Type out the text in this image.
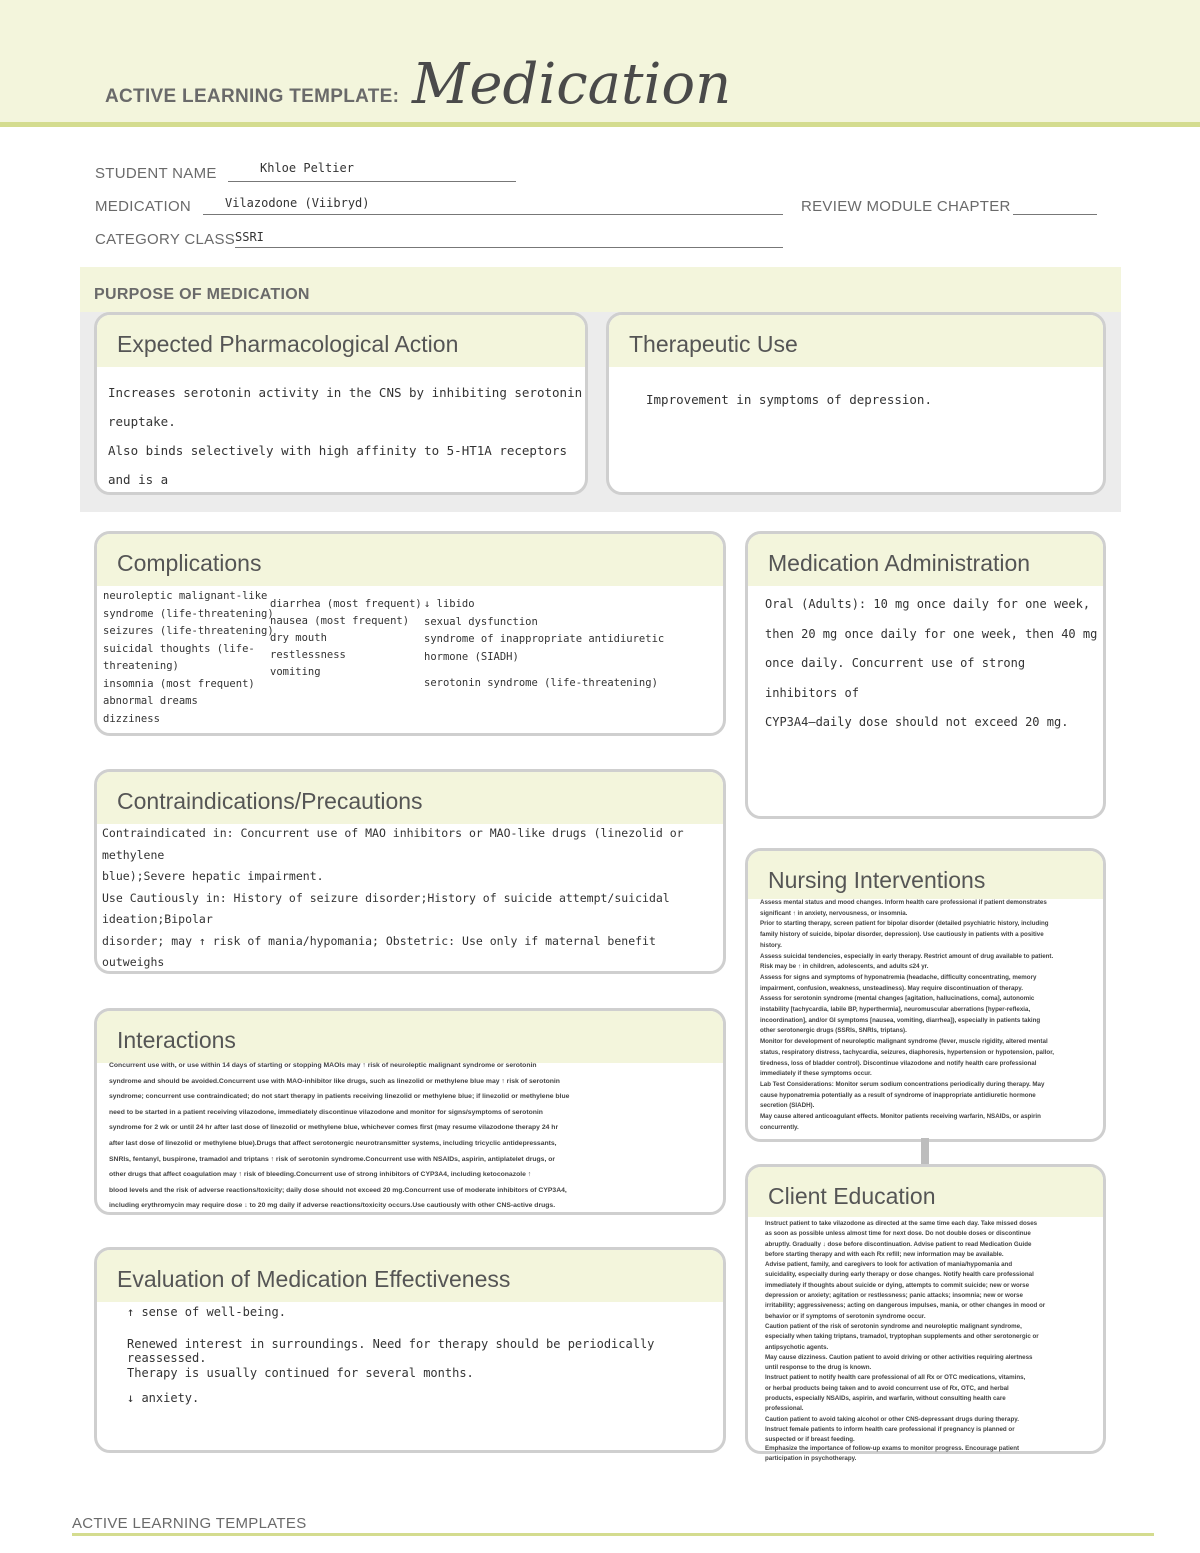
ACTIVE LEARNING TEMPLATE: Medication
STUDENT NAME	Khloe Peltier
MEDICATION	Vilazodone (Viibryd)	REVIEW MODULE CHAPTER
CATEGORY CLASS SSRI
PURPOSE OF MEDICATION
Expected Pharmacological Action

Increases serotonin activity in the CNS by inhibiting serotonin reuptake.

Also binds selectively with high affinity to 5-HT1A receptors and is a

Therapeutic Use
Improvement in symptoms of depression.
Complications

neuroleptic malignant-like

syndrome (life-threatening)

seizures (life-threatening)

suicidal thoughts (life-

threatening)

insomnia (most frequent)

abnormal dreams

dizziness

diarrhea (most frequent)

nausea (most frequent)

dry mouth

restlessness

vomiting

↓ libido

sexual dysfunction

syndrome of inappropriate antidiuretic

hormone (SIADH)

serotonin syndrome (life-threatening)

Medication Administration

Oral (Adults): 10 mg once daily for one week,

then 20 mg once daily for one week, then 40 mg

once daily. Concurrent use of strong inhibitors of

CYP3A4—daily dose should not exceed 20 mg.

Contraindications/Precautions

Contraindicated in: Concurrent use of MAO inhibitors or MAO-like drugs (linezolid or methylene

blue);Severe hepatic impairment.

Use Cautiously in: History of seizure disorder;History of suicide attempt/suicidal ideation;Bipolar

disorder; may ↑ risk of mania/hypomania; Obstetric: Use only if maternal benefit outweighs

Nursing Interventions

Assess mental status and mood changes. Inform health care professional if patient demonstrates

significant ↑ in anxiety, nervousness, or insomnia.

Prior to starting therapy, screen patient for bipolar disorder (detailed psychiatric history, including

family history of suicide, bipolar disorder, depression). Use cautiously in patients with a positive

history.

Assess suicidal tendencies, especially in early therapy. Restrict amount of drug available to patient.

Risk may be ↑ in children, adolescents, and adults ≤24 yr.

Assess for signs and symptoms of hyponatremia (headache, difficulty concentrating, memory

impairment, confusion, weakness, unsteadiness). May require discontinuation of therapy.

Assess for serotonin syndrome (mental changes [agitation, hallucinations, coma], autonomic

instability [tachycardia, labile BP, hyperthermia], neuromuscular aberrations [hyper-reflexia,

incoordination], and/or GI symptoms [nausea, vomiting, diarrhea]), especially in patients taking

other serotonergic drugs (SSRIs, SNRIs, triptans).

Monitor for development of neuroleptic malignant syndrome (fever, muscle rigidity, altered mental

status, respiratory distress, tachycardia, seizures, diaphoresis, hypertension or hypotension, pallor,

tiredness, loss of bladder control). Discontinue vilazodone and notify health care professional

immediately if these symptoms occur.

Lab Test Considerations: Monitor serum sodium concentrations periodically during therapy. May

cause hyponatremia potentially as a result of syndrome of inappropriate antidiuretic hormone

secretion (SIADH).

May cause altered anticoagulant effects. Monitor patients receiving warfarin, NSAIDs, or aspirin

concurrently.

Interactions

Concurrent use with, or use within 14 days of starting or stopping MAOIs may ↑ risk of neuroleptic malignant syndrome or serotonin

syndrome and should be avoided.Concurrent use with MAO-inhibitor like drugs, such as linezolid or methylene blue may ↑ risk of serotonin

syndrome; concurrent use contraindicated; do not start therapy in patients receiving linezolid or methylene blue; if linezolid or methylene blue

need to be started in a patient receiving vilazodone, immediately discontinue vilazodone and monitor for signs/symptoms of serotonin

syndrome for 2 wk or until 24 hr after last dose of linezolid or methylene blue, whichever comes first (may resume vilazodone therapy 24 hr

after last dose of linezolid or methylene blue).Drugs that affect serotonergic neurotransmitter systems, including tricyclic antidepressants,

SNRIs, fentanyl, buspirone, tramadol and triptans ↑ risk of serotonin syndrome.Concurrent use with NSAIDs, aspirin, antiplatelet drugs, or

other drugs that affect coagulation may ↑ risk of bleeding.Concurrent use of strong inhibitors of CYP3A4, including ketoconazole ↑

blood levels and the risk of adverse reactions/toxicity; daily dose should not exceed 20 mg.Concurrent use of moderate inhibitors of CYP3A4,

including erythromycin may require dose ↓ to 20 mg daily if adverse reactions/toxicity occurs.Use cautiously with other CNS-active drugs.	Client Education

Instruct patient to take vilazodone as directed at the same time each day. Take missed doses

as soon as possible unless almost time for next dose. Do not double doses or discontinue

abruptly. Gradually ↓ dose before discontinuation. Advise patient to read Medication Guide

before starting therapy and with each Rx refill; new information may be available.

Advise patient, family, and caregivers to look for activation of mania/hypomania and

suicidality, especially during early therapy or dose changes. Notify health care professional

immediately if thoughts about suicide or dying, attempts to commit suicide; new or worse

depression or anxiety; agitation or restlessness; panic attacks; insomnia; new or worse

irritability; aggressiveness; acting on dangerous impulses, mania, or other changes in mood or

behavior or if symptoms of serotonin syndrome occur.

Caution patient of the risk of serotonin syndrome and neuroleptic malignant syndrome,

especially when taking triptans, tramadol, tryptophan supplements and other serotonergic or

antipsychotic agents.

May cause dizziness. Caution patient to avoid driving or other activities requiring alertness

until response to the drug is known.

Instruct patient to notify health care professional of all Rx or OTC medications, vitamins,

or herbal products being taken and to avoid concurrent use of Rx, OTC, and herbal

products, especially NSAIDs, aspirin, and warfarin, without consulting health care

professional.

Caution patient to avoid taking alcohol or other CNS-depressant drugs during therapy.

Instruct female patients to inform health care professional if pregnancy is planned or

suspected or if breast feeding.

Emphasize the importance of follow-up exams to monitor progress. Encourage patient

participation in psychotherapy.

Evaluation of Medication Effectiveness

↑ sense of well-being.

Renewed interest in surroundings. Need for therapy should be periodically reassessed.

Therapy is usually continued for several months.

↓ anxiety.

ACTIVE LEARNING TEMPLATES
